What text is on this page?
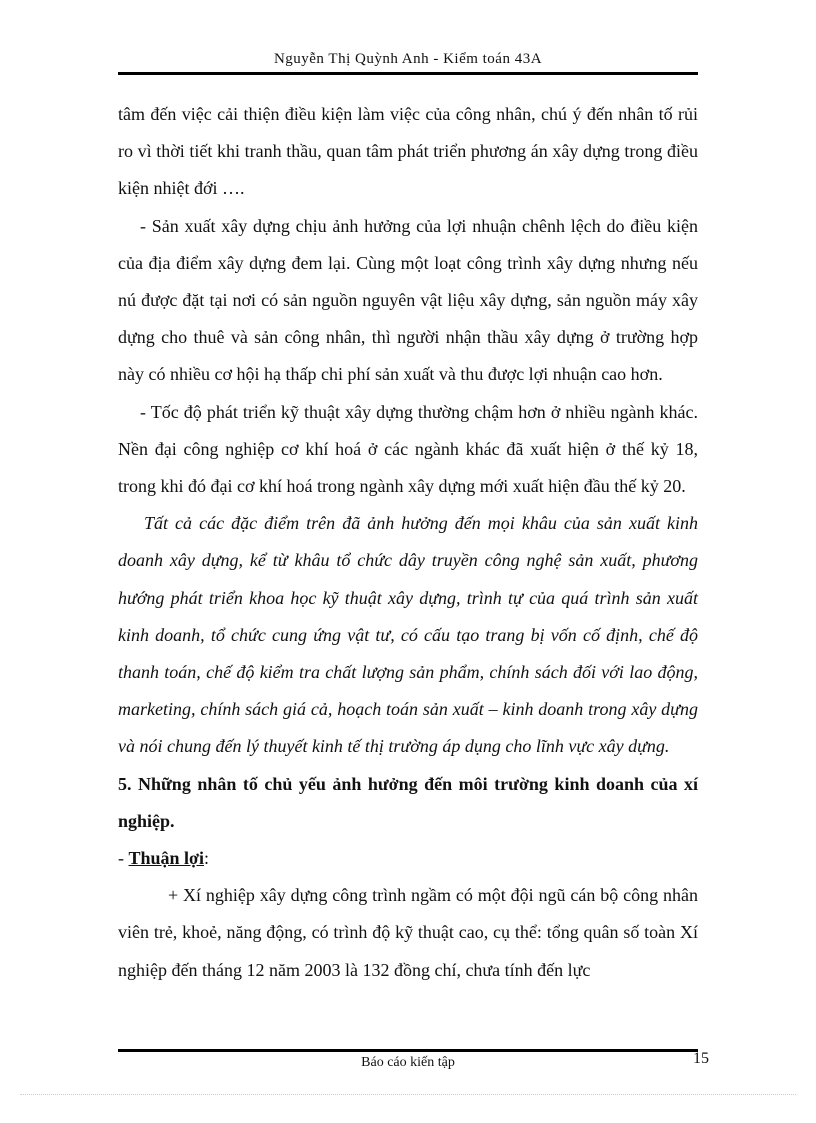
Nguyễn Thị Quỳnh Anh - Kiểm toán 43A

tâm đến việc cải thiện điều kiện làm việc của công nhân, chú ý đến nhân tố rủi ro vì thời tiết khi tranh thầu, quan tâm phát triển phương án xây dựng trong điều kiện nhiệt đới ….

- Sản xuất xây dựng chịu ảnh hưởng của lợi nhuận chênh lệch do điều kiện của địa điểm xây dựng đem lại. Cùng một loạt công trình xây dựng nhưng nếu nú được đặt tại nơi có sản nguồn nguyên vật liệu xây dựng, sản nguồn máy xây dựng cho thuê và sản công nhân, thì người nhận thầu xây dựng ở trường hợp này có nhiều cơ hội hạ thấp chi phí sản xuất và thu được lợi nhuận cao hơn.

- Tốc độ phát triển kỹ thuật xây dựng thường chậm hơn ở nhiều ngành khác. Nền đại công nghiệp cơ khí hoá ở các ngành khác đã xuất hiện ở thế kỷ 18, trong khi đó đại cơ khí hoá trong ngành xây dựng mới xuất hiện đầu thế kỷ 20.

Tất cả các đặc điểm trên đã ảnh hưởng đến mọi khâu của sản xuất kinh doanh xây dựng, kể từ khâu tổ chức dây truyền công nghệ sản xuất, phương hướng phát triển khoa học kỹ thuật xây dựng, trình tự của quá trình sản xuất kinh doanh, tổ chức cung ứng vật tư, có cấu tạo trang bị vốn cố định, chế độ thanh toán, chế độ kiểm tra chất lượng sản phẩm, chính sách đối với lao động, marketing, chính sách giá cả, hoạch toán sản xuất – kinh doanh trong xây dựng và nói chung đến lý thuyết kinh tế thị trường áp dụng cho lĩnh vực xây dựng.

5. Những nhân tố chủ yếu ảnh hưởng đến môi trường kinh doanh của xí nghiệp.

- Thuận lợi:

+ Xí nghiệp xây dựng công trình ngầm có một đội ngũ cán bộ công nhân viên trẻ, khoẻ, năng động, có trình độ kỹ thuật cao, cụ thể: tổng quân số toàn Xí nghiệp đến tháng 12 năm 2003 là 132 đồng chí, chưa tính đến lực

Báo cáo kiến tập	15
